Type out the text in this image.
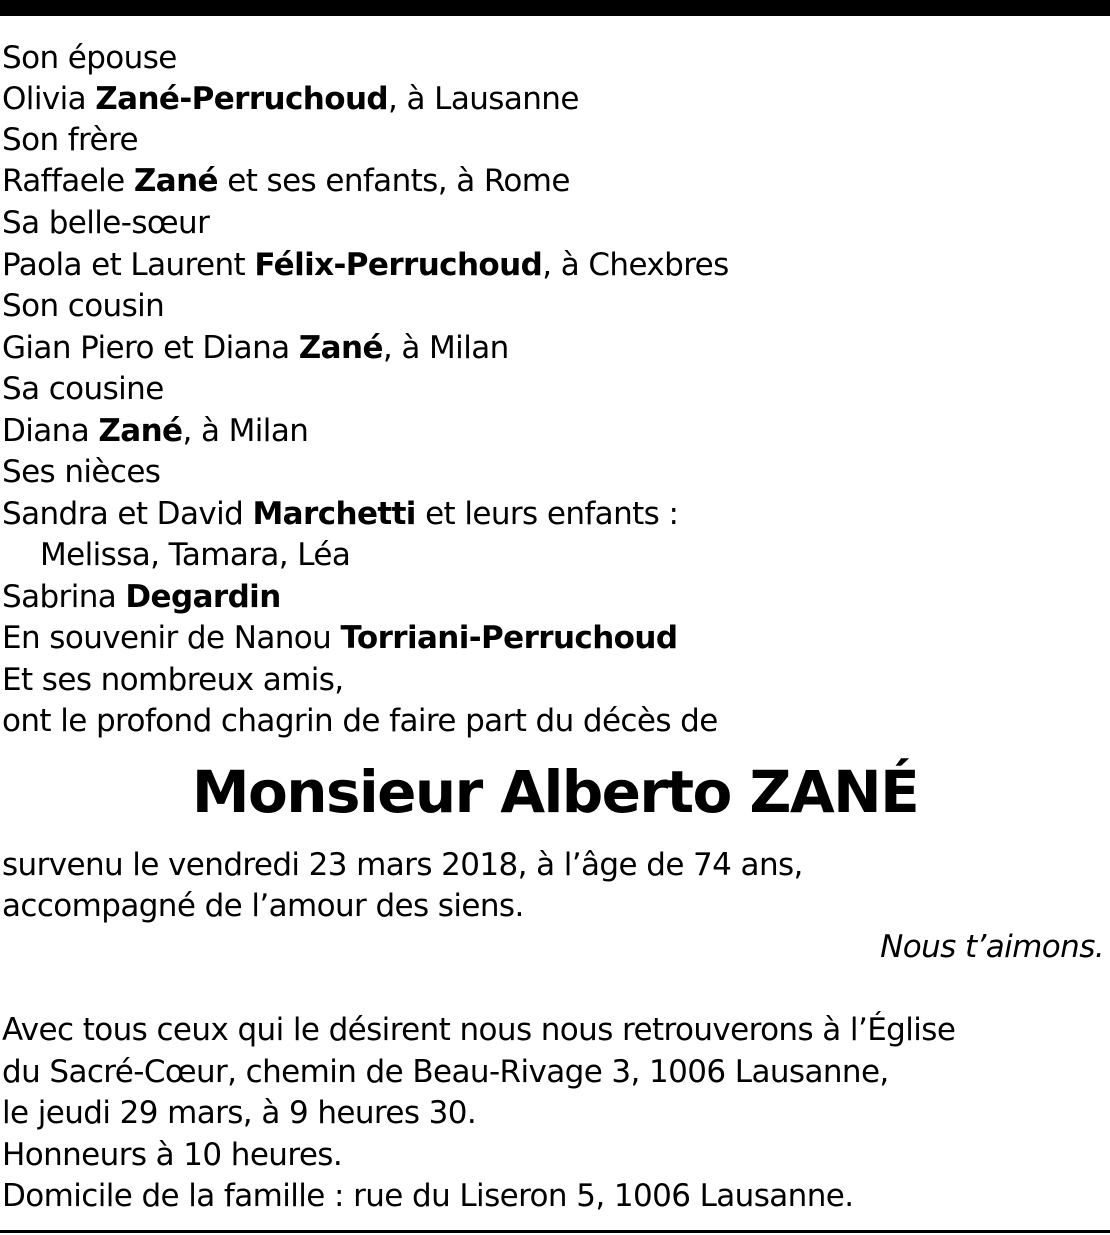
Son épouse
Olivia Zané-Perruchoud, à Lausanne
Son frère
Raffaele Zané et ses enfants, à Rome
Sa belle-sœur
Paola et Laurent Félix-Perruchoud, à Chexbres
Son cousin
Gian Piero et Diana Zané, à Milan
Sa cousine
Diana Zané, à Milan
Ses nièces
Sandra et David Marchetti et leurs enfants :
Melissa, Tamara, Léa
Sabrina Degardin
En souvenir de Nanou Torriani-Perruchoud
Et ses nombreux amis,
ont le profond chagrin de faire part du décès de
Monsieur Alberto ZANÉ
survenu le vendredi 23 mars 2018, à l’âge de 74 ans,
accompagné de l’amour des siens.
Nous t’aimons.
Avec tous ceux qui le désirent nous nous retrouverons à l’Église
du Sacré-Cœur, chemin de Beau-Rivage 3, 1006 Lausanne,
le jeudi 29 mars, à 9 heures 30.
Honneurs à 10 heures.
Domicile de la famille : rue du Liseron 5, 1006 Lausanne.
